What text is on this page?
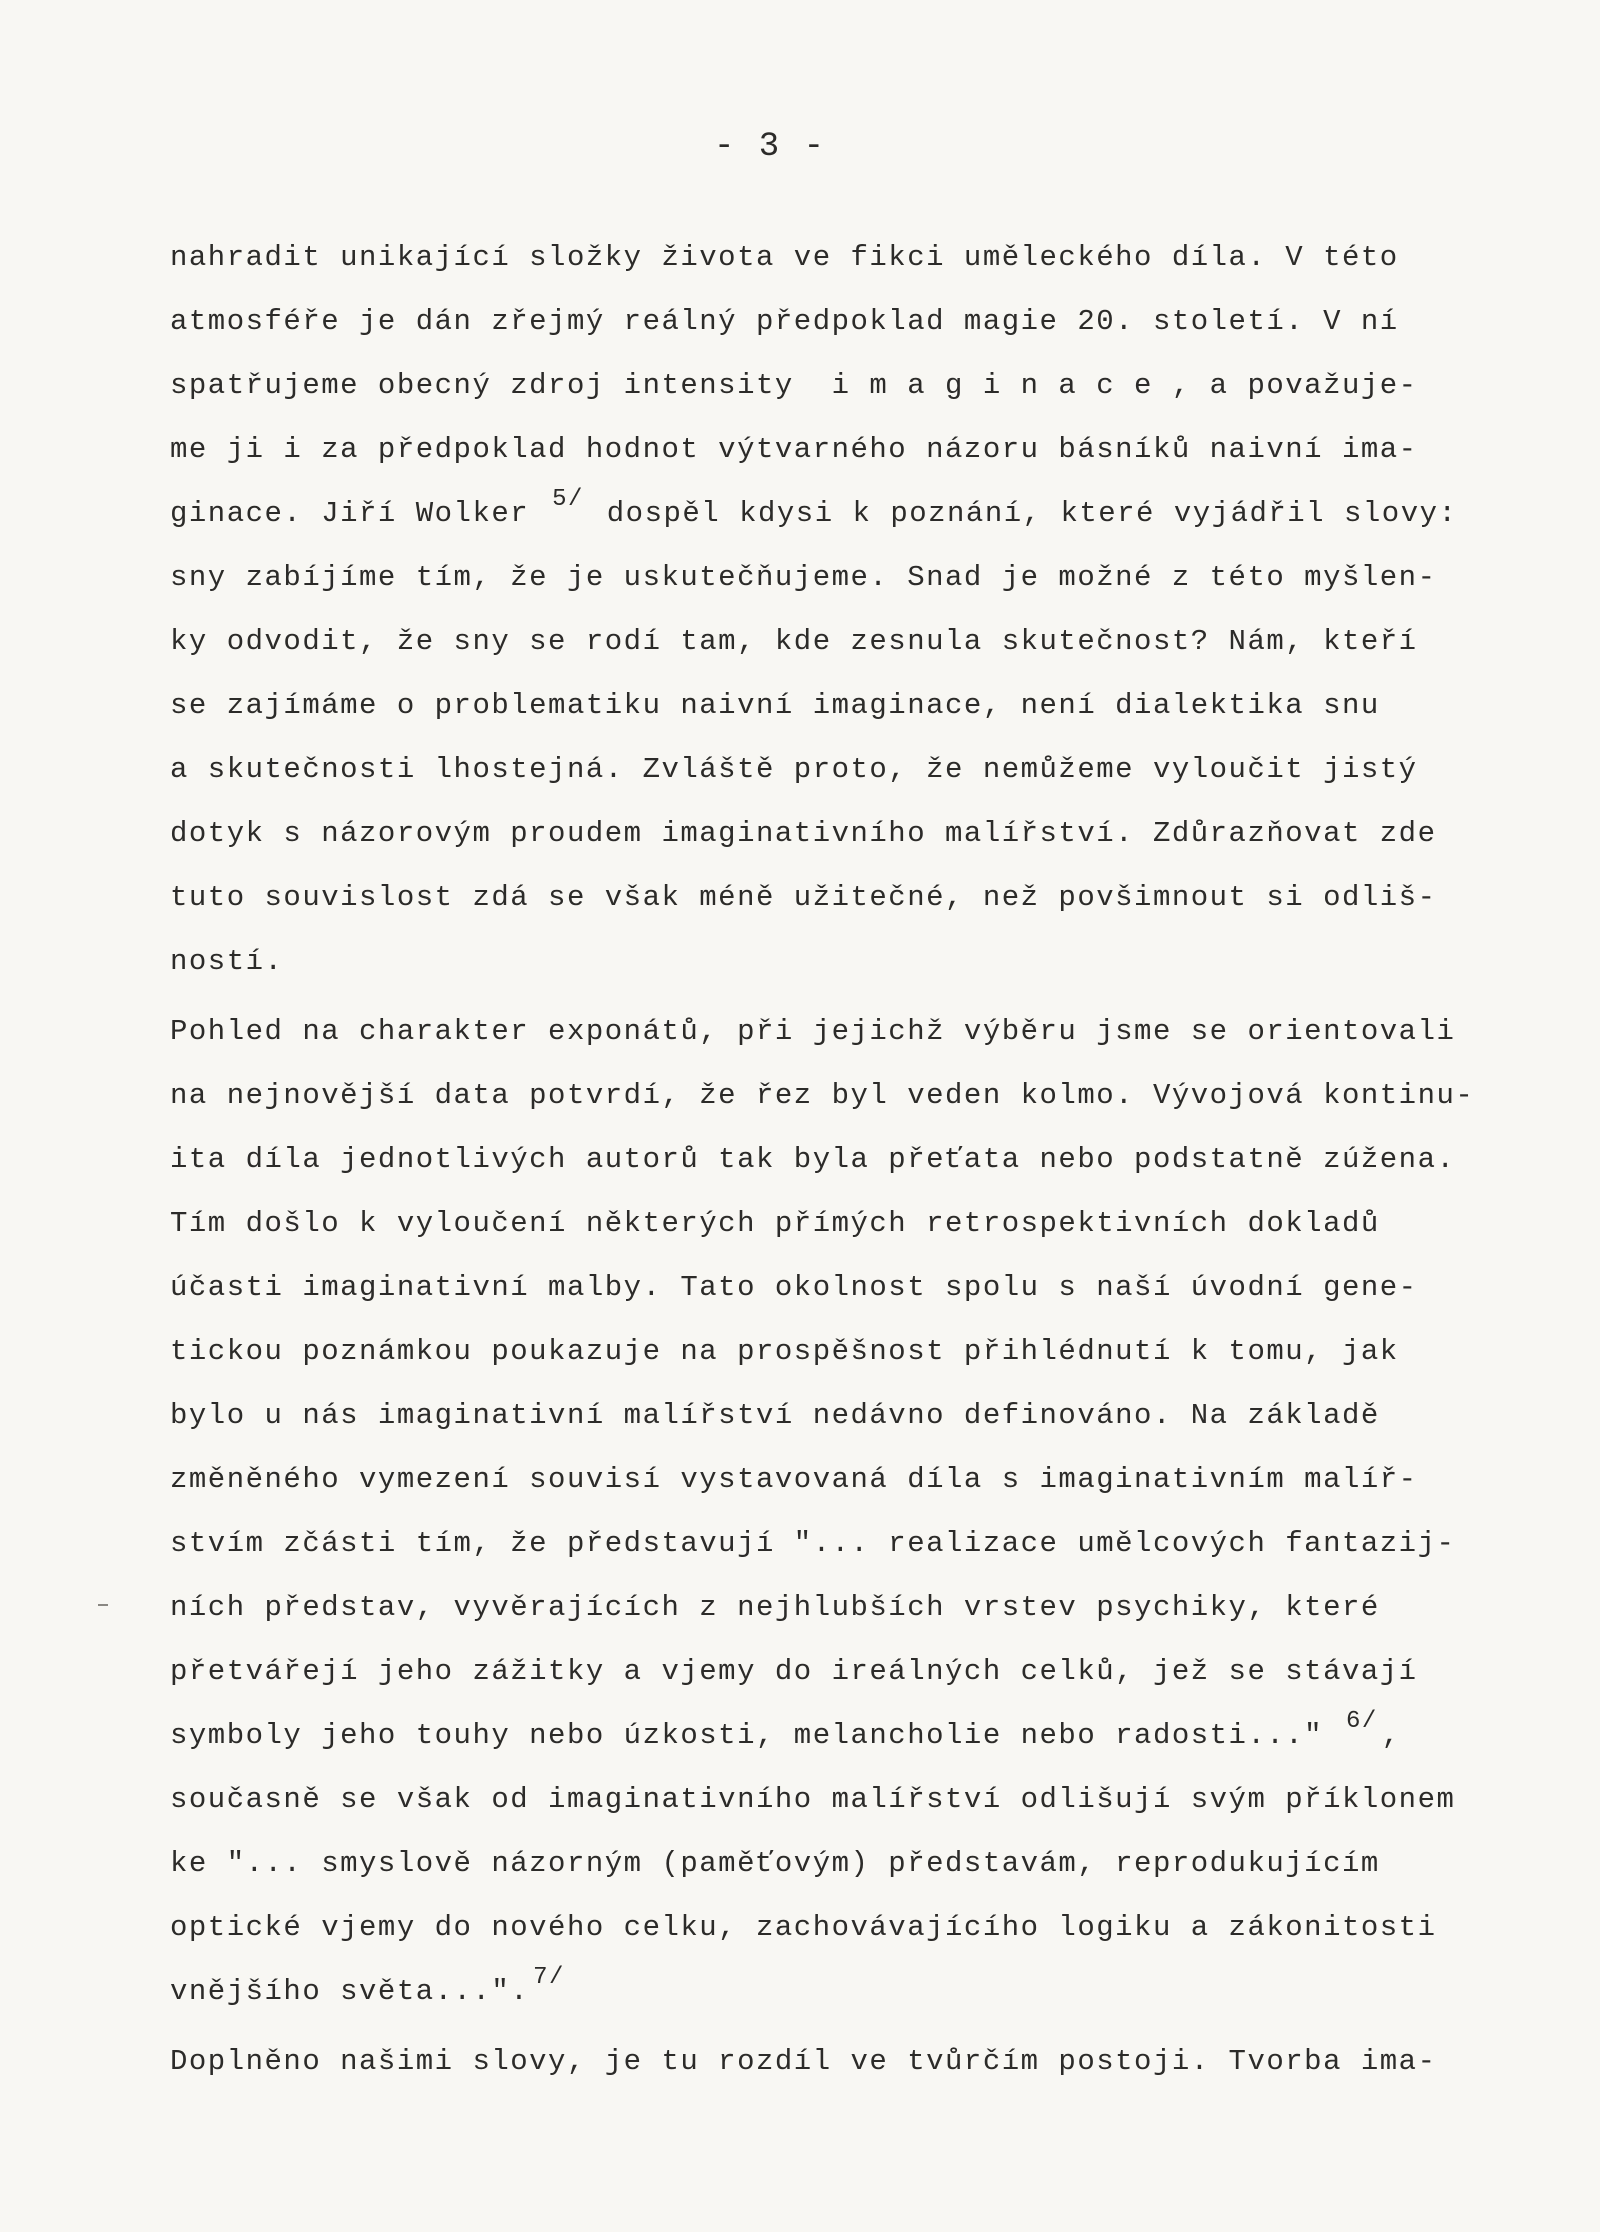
- 3 -
nahradit unikající složky života ve fikci uměleckého díla. V této
atmosféře je dán zřejmý reálný předpoklad magie 20. století. V ní
spatřujeme obecný zdroj intensity  i m a g i n a c e , a považuje-
me ji i za předpoklad hodnot výtvarného názoru básníků naivní ima-
ginace. Jiří Wolker 5/ dospěl kdysi k poznání, které vyjádřil slovy:
sny zabíjíme tím, že je uskutečňujeme. Snad je možné z této myšlen-
ky odvodit, že sny se rodí tam, kde zesnula skutečnost? Nám, kteří
se zajímáme o problematiku naivní imaginace, není dialektika snu
a skutečnosti lhostejná. Zvláště proto, že nemůžeme vyloučit jistý
dotyk s názorovým proudem imaginativního malířství. Zdůrazňovat zde
tuto souvislost zdá se však méně užitečné, než povšimnout si odliš-
ností.
Pohled na charakter exponátů, při jejichž výběru jsme se orientovali
na nejnovější data potvrdí, že řez byl veden kolmo. Vývojová kontinu-
ita díla jednotlivých autorů tak byla přeťata nebo podstatně zúžena.
Tím došlo k vyloučení některých přímých retrospektivních dokladů
účasti imaginativní malby. Tato okolnost spolu s naší úvodní gene-
tickou poznámkou poukazuje na prospěšnost přihlédnutí k tomu, jak
bylo u nás imaginativní malířství nedávno definováno. Na základě
změněného vymezení souvisí vystavovaná díla s imaginativním malíř-
stvím zčásti tím, že představují "... realizace umělcových fantazij-
ních představ, vyvěrajících z nejhlubších vrstev psychiky, které
přetvářejí jeho zážitky a vjemy do ireálných celků, jež se stávají
symboly jeho touhy nebo úzkosti, melancholie nebo radosti..." 6/ ,
současně se však od imaginativního malířství odlišují svým příklonem
ke "... smyslově názorným (paměťovým) představám, reprodukujícím
optické vjemy do nového celku, zachovávajícího logiku a zákonitosti
vnějšího světa...". 7/
Doplněno našimi slovy, je tu rozdíl ve tvůrčím postoji. Tvorba ima-
